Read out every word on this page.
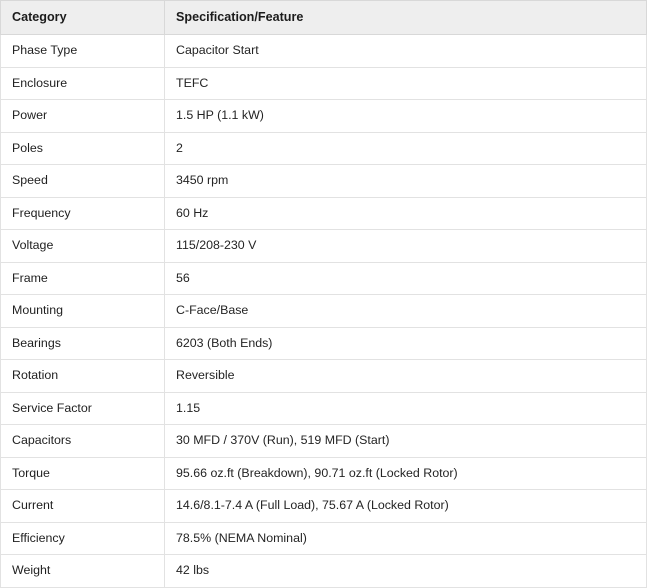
Category	Specification/Feature
Phase Type	Capacitor Start
Enclosure	TEFC
Power	1.5 HP (1.1 kW)
Poles	2
Speed	3450 rpm
Frequency	60 Hz
Voltage	115/208-230 V
Frame	56
Mounting	C-Face/Base
Bearings	6203 (Both Ends)
Rotation	Reversible
Service Factor	1.15
Capacitors	30 MFD / 370V (Run), 519 MFD (Start)
Torque	95.66 oz.ft (Breakdown), 90.71 oz.ft (Locked Rotor)
Current	14.6/8.1-7.4 A (Full Load), 75.67 A (Locked Rotor)
Efficiency	78.5% (NEMA Nominal)
Weight	42 lbs
